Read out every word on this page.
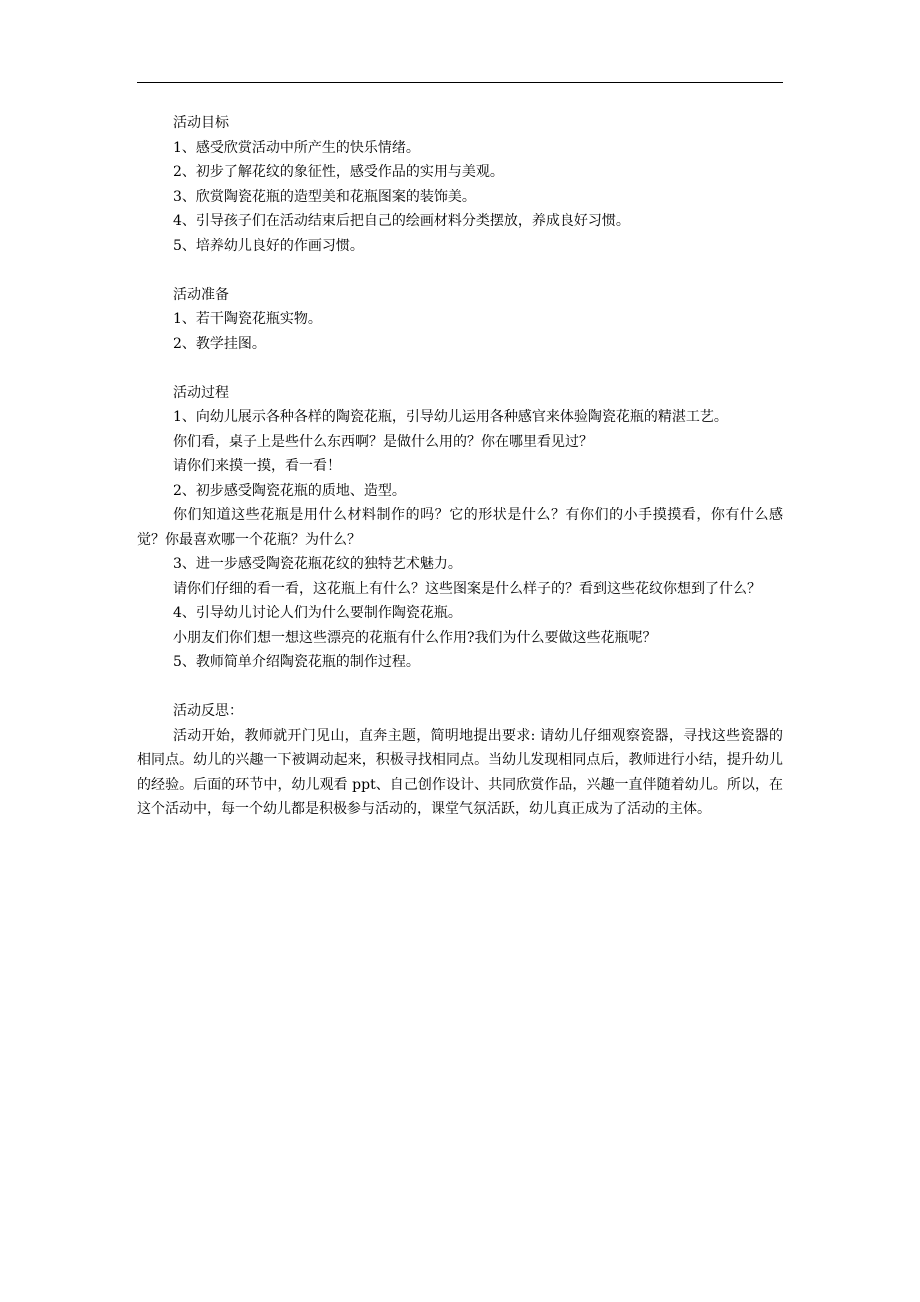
活动目标

1、感受欣赏活动中所产生的快乐情绪。

2、初步了解花纹的象征性，感受作品的实用与美观。

3、欣赏陶瓷花瓶的造型美和花瓶图案的装饰美。

4、引导孩子们在活动结束后把自己的绘画材料分类摆放，养成良好习惯。

5、培养幼儿良好的作画习惯。

活动准备

1、若干陶瓷花瓶实物。

2、教学挂图。

活动过程

1、向幼儿展示各种各样的陶瓷花瓶，引导幼儿运用各种感官来体验陶瓷花瓶的精湛工艺。

你们看，桌子上是些什么东西啊？是做什么用的？你在哪里看见过？

请你们来摸一摸，看一看！

2、初步感受陶瓷花瓶的质地、造型。

你们知道这些花瓶是用什么材料制作的吗？它的形状是什么？有你们的小手摸摸看，你有什么感觉？你最喜欢哪一个花瓶？为什么？

3、进一步感受陶瓷花瓶花纹的独特艺术魅力。

请你们仔细的看一看，这花瓶上有什么？这些图案是什么样子的？看到这些花纹你想到了什么？

4、引导幼儿讨论人们为什么要制作陶瓷花瓶。

小朋友们你们想一想这些漂亮的花瓶有什么作用?我们为什么要做这些花瓶呢？

5、教师简单介绍陶瓷花瓶的制作过程。

活动反思：

活动开始，教师就开门见山，直奔主题，简明地提出要求: 请幼儿仔细观察瓷器，寻找这些瓷器的相同点。幼儿的兴趣一下被调动起来，积极寻找相同点。当幼儿发现相同点后，教师进行小结，提升幼儿的经验。后面的环节中，幼儿观看 ppt、自己创作设计、共同欣赏作品，兴趣一直伴随着幼儿。所以，在这个活动中，每一个幼儿都是积极参与活动的，课堂气氛活跃，幼儿真正成为了活动的主体。
